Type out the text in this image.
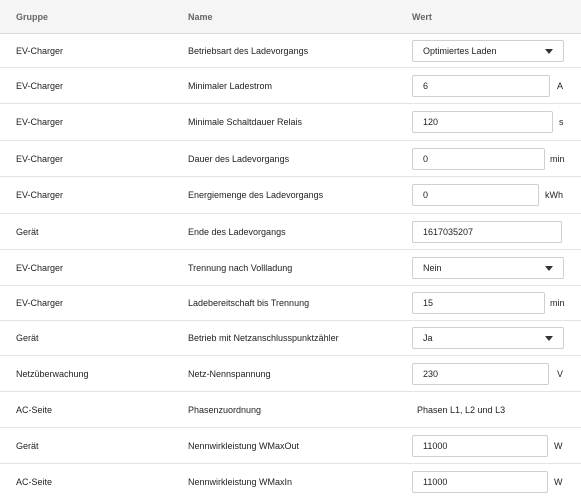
Gruppe	Name	Wert
EV-Charger	Betriebsart des Ladevorgangs	Optimiertes Laden
EV-Charger	Minimaler Ladestrom	6	A
EV-Charger	Minimale Schaltdauer Relais	120	s
EV-Charger	Dauer des Ladevorgangs	0	min
EV-Charger	Energiemenge des Ladevorgangs	0	kWh
Gerät	Ende des Ladevorgangs	1617035207
EV-Charger	Trennung nach Vollladung	Nein
EV-Charger	Ladebereitschaft bis Trennung	15	min
Gerät	Betrieb mit Netzanschlusspunktzähler	Ja
Netzüberwachung	Netz-Nennspannung	230	V
AC-Seite	Phasenzuordnung	Phasen L1, L2 und L3
Gerät	Nennwirkleistung WMaxOut	11000	W
AC-Seite	Nennwirkleistung WMaxIn	11000	W
